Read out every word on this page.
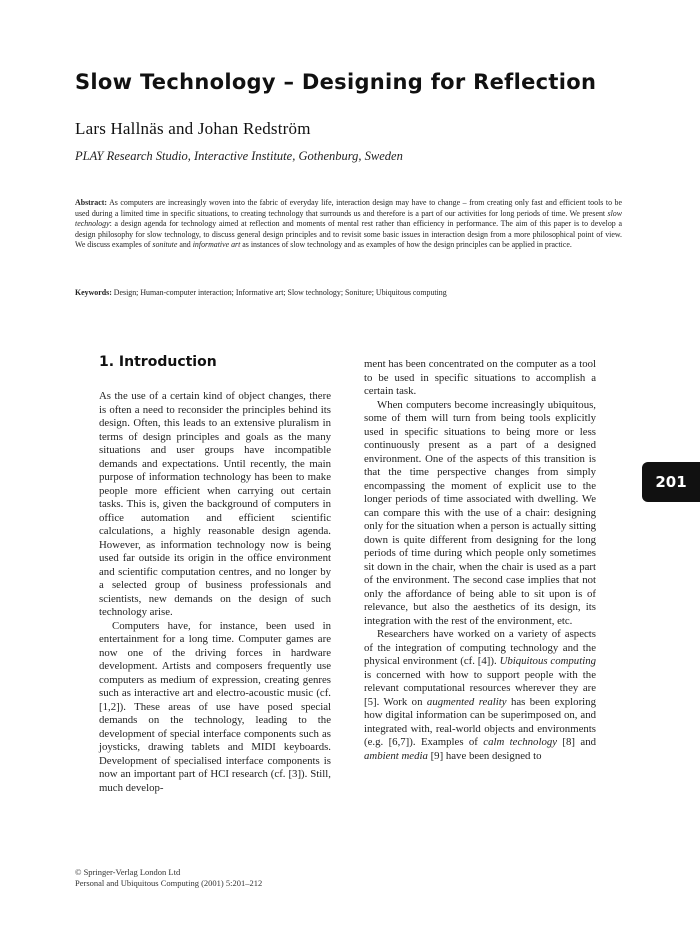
Slow Technology – Designing for Reflection
Lars Hallnäs and Johan Redström
PLAY Research Studio, Interactive Institute, Gothenburg, Sweden

Abstract: As computers are increasingly woven into the fabric of everyday life, interaction design may have to change – from creating only fast and efficient tools to be used during a limited time in specific situations, to creating technology that surrounds us and therefore is a part of our activities for long periods of time. We present slow technology: a design agenda for technology aimed at reflection and moments of mental rest rather than efficiency in performance. The aim of this paper is to develop a design philosophy for slow technology, to discuss general design principles and to revisit some basic issues in interaction design from a more philosophical point of view. We discuss examples of sonitute and informative art as instances of slow technology and as examples of how the design principles can be applied in practice.

Keywords: Design; Human-computer interaction; Informative art; Slow technology; Soniture; Ubiquitous computing

1. Introduction

As the use of a certain kind of object changes, there is often a need to reconsider the principles behind its design. Often, this leads to an extensive pluralism in terms of design principles and goals as the many situations and user groups have incompatible demands and expectations. Until recently, the main purpose of information technology has been to make people more efficient when carrying out certain tasks. This is, given the background of computers in office automation and efficient scientific calculations, a highly reasonable design agenda. However, as information technology now is being used far outside its origin in the office environment and scientific computation centres, and no longer by a selected group of business professionals and scientists, new demands on the design of such technology arise.

Computers have, for instance, been used in entertainment for a long time. Computer games are now one of the driving forces in hardware development. Artists and composers frequently use computers as medium of expression, creating genres such as interactive art and electro-acoustic music (cf. [1,2]). These areas of use have posed special demands on the technology, leading to the development of special interface components such as joysticks, drawing tablets and MIDI keyboards. Development of specialised interface components is now an important part of HCI research (cf. [3]). Still, much develop-

ment has been concentrated on the computer as a tool to be used in specific situations to accomplish a certain task.

When computers become increasingly ubiquitous, some of them will turn from being tools explicitly used in specific situations to being more or less continuously present as a part of a designed environment. One of the aspects of this transition is that the time perspective changes from simply encompassing the moment of explicit use to the longer periods of time associated with dwelling. We can compare this with the use of a chair: designing only for the situation when a person is actually sitting down is quite different from designing for the long periods of time during which people only sometimes sit down in the chair, when the chair is used as a part of the environment. The second case implies that not only the affordance of being able to sit upon is of relevance, but also the aesthetics of its design, its integration with the rest of the environment, etc.

Researchers have worked on a variety of aspects of the integration of computing technology and the physical environment (cf. [4]). Ubiquitous computing is concerned with how to support people with the relevant computational resources wherever they are [5]. Work on augmented reality has been exploring how digital information can be superimposed on, and integrated with, real-world objects and environments (e.g. [6,7]). Examples of calm technology [8] and ambient media [9] have been designed to

201
© Springer-Verlag London Ltd
Personal and Ubiquitous Computing (2001) 5:201–212
